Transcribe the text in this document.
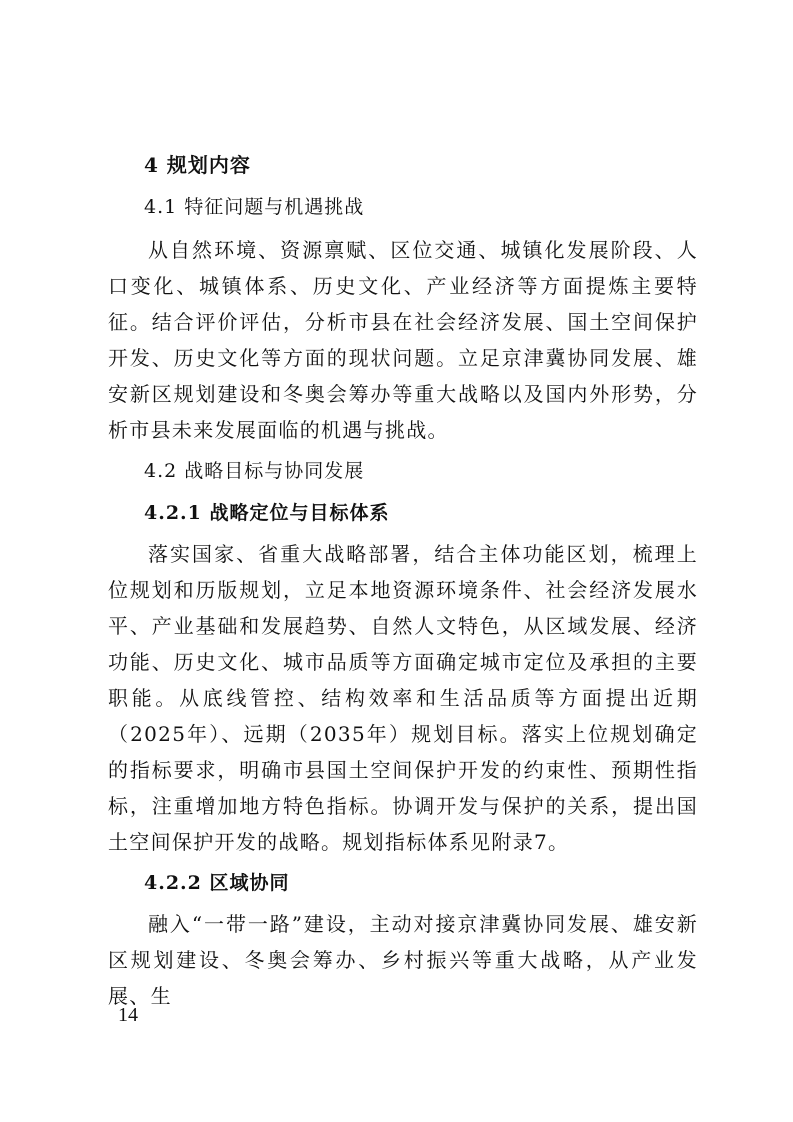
4 规划内容
4.1 特征问题与机遇挑战

从自然环境、资源禀赋、区位交通、城镇化发展阶段、人口变化、城镇体系、历史文化、产业经济等方面提炼主要特征。结合评价评估，分析市县在社会经济发展、国土空间保护开发、历史文化等方面的现状问题。立足京津冀协同发展、雄安新区规划建设和冬奥会筹办等重大战略以及国内外形势，分析市县未来发展面临的机遇与挑战。

4.2 战略目标与协同发展
4.2.1 战略定位与目标体系

落实国家、省重大战略部署，结合主体功能区划，梳理上位规划和历版规划，立足本地资源环境条件、社会经济发展水平、产业基础和发展趋势、自然人文特色，从区域发展、经济功能、历史文化、城市品质等方面确定城市定位及承担的主要职能。从底线管控、结构效率和生活品质等方面提出近期（2025年）、远期（2035年）规划目标。落实上位规划确定的指标要求，明确市县国土空间保护开发的约束性、预期性指标，注重增加地方特色指标。协调开发与保护的关系，提出国土空间保护开发的战略。规划指标体系见附录7。

4.2.2 区域协同

融入“一带一路”建设，主动对接京津冀协同发展、雄安新区规划建设、冬奥会筹办、乡村振兴等重大战略，从产业发展、生

14
